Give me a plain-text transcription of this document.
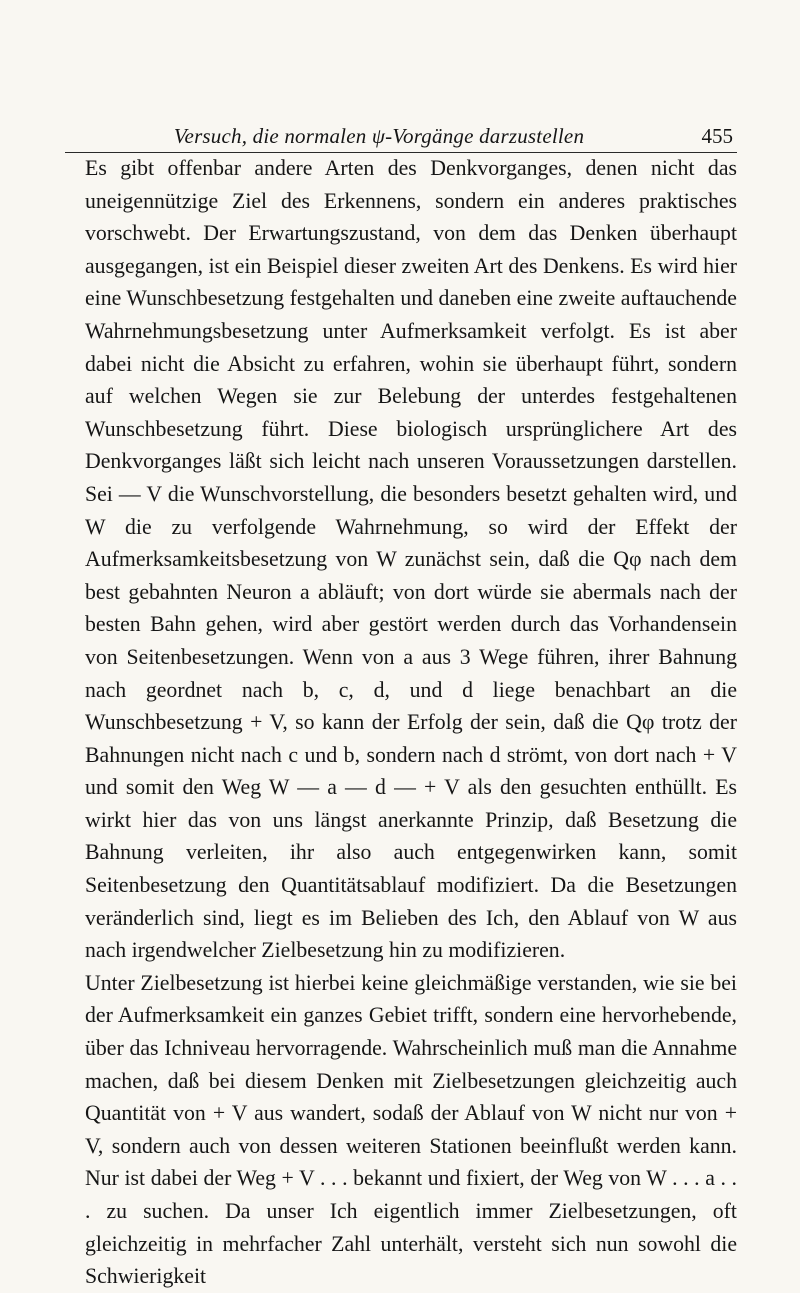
Versuch, die normalen ψ-Vorgänge darzustellen	455

Es gibt offenbar andere Arten des Denkvorganges, denen nicht das uneigennützige Ziel des Erkennens, sondern ein anderes praktisches vorschwebt. Der Erwartungszustand, von dem das Denken überhaupt ausgegangen, ist ein Beispiel dieser zweiten Art des Denkens. Es wird hier eine Wunschbesetzung festgehalten und daneben eine zweite auftauchende Wahrnehmungsbesetzung unter Aufmerksamkeit verfolgt. Es ist aber dabei nicht die Absicht zu erfahren, wohin sie überhaupt führt, sondern auf welchen Wegen sie zur Belebung der unterdes festgehaltenen Wunschbesetzung führt. Diese biologisch ursprünglichere Art des Denkvorganges läßt sich leicht nach unseren Voraussetzungen darstellen. Sei — V die Wunschvorstellung, die besonders besetzt gehalten wird, und W die zu verfolgende Wahrnehmung, so wird der Effekt der Aufmerksamkeitsbesetzung von W zunächst sein, daß die Qφ nach dem best gebahnten Neuron a abläuft; von dort würde sie abermals nach der besten Bahn gehen, wird aber gestört werden durch das Vorhandensein von Seitenbesetzungen. Wenn von a aus 3 Wege führen, ihrer Bahnung nach geordnet nach b, c, d, und d liege benachbart an die Wunschbesetzung + V, so kann der Erfolg der sein, daß die Qφ trotz der Bahnungen nicht nach c und b, sondern nach d strömt, von dort nach + V und somit den Weg W — a — d — + V als den gesuchten enthüllt. Es wirkt hier das von uns längst anerkannte Prinzip, daß Besetzung die Bahnung verleiten, ihr also auch entgegenwirken kann, somit Seitenbesetzung den Quantitätsablauf modifiziert. Da die Besetzungen veränderlich sind, liegt es im Belieben des Ich, den Ablauf von W aus nach irgendwelcher Zielbesetzung hin zu modifizieren.

Unter Zielbesetzung ist hierbei keine gleichmäßige verstanden, wie sie bei der Aufmerksamkeit ein ganzes Gebiet trifft, sondern eine hervorhebende, über das Ichniveau hervorragende. Wahrscheinlich muß man die Annahme machen, daß bei diesem Denken mit Zielbesetzungen gleichzeitig auch Quantität von + V aus wandert, sodaß der Ablauf von W nicht nur von + V, sondern auch von dessen weiteren Stationen beeinflußt werden kann. Nur ist dabei der Weg + V . . . bekannt und fixiert, der Weg von W . . . a . . . zu suchen. Da unser Ich eigentlich immer Zielbesetzungen, oft gleichzeitig in mehrfacher Zahl unterhält, versteht sich nun sowohl die Schwierigkeit
